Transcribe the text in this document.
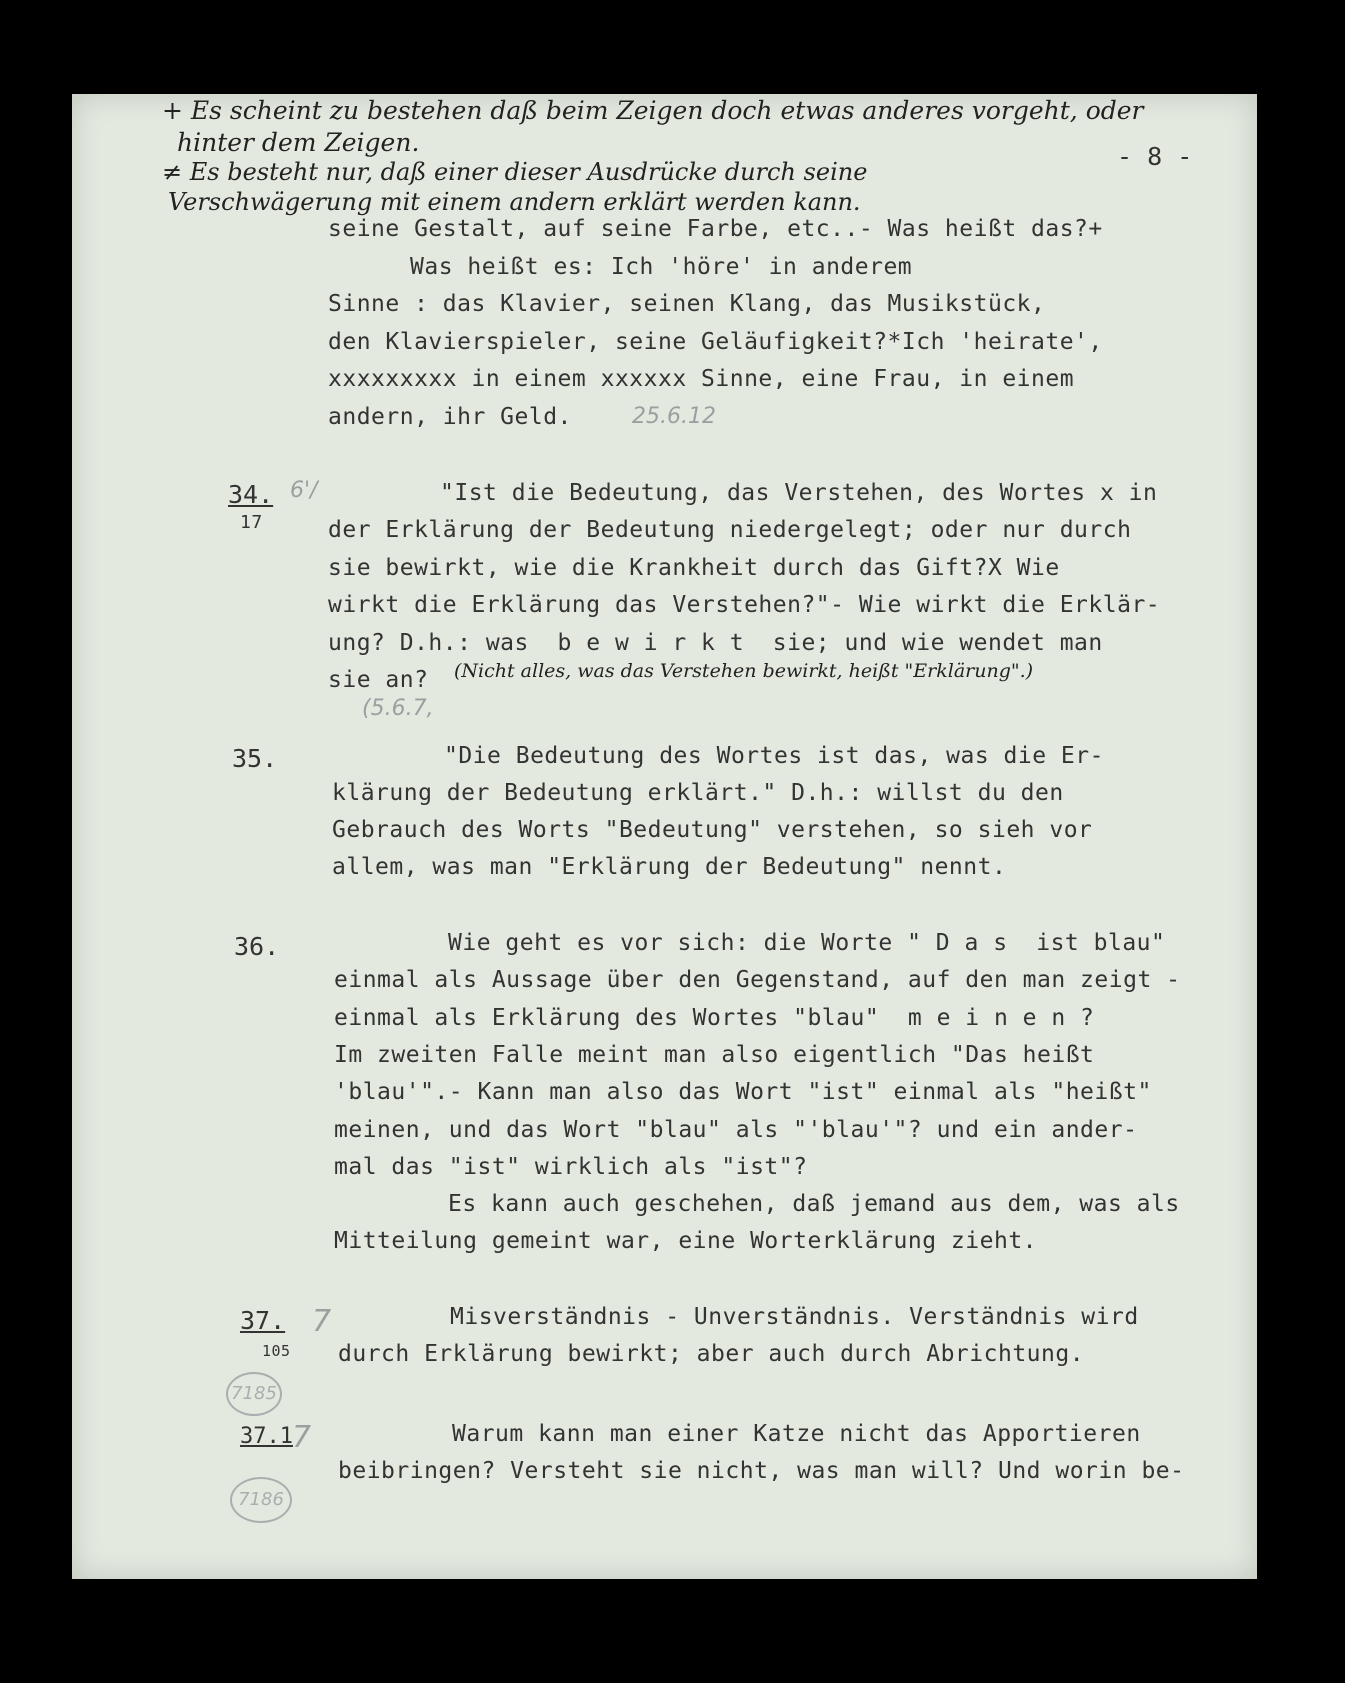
+ Es scheint zu bestehen daß beim Zeigen doch etwas anderes vorgeht, oder
hinter dem Zeigen.
≠ Es besteht nur, daß einer dieser Ausdrücke durch seine
Verschwägerung mit einem andern erklärt werden kann.
- 8 -
seine Gestalt, auf seine Farbe, etc..- Was heißt das?+
Was heißt es: Ich 'höre' in anderem
Sinne : das Klavier, seinen Klang, das Musikstück,
den Klavierspieler, seine Geläufigkeit?*Ich 'heirate',
xxxxxxxxx in einem xxxxxx Sinne, eine Frau, in einem
andern, ihr Geld.	25.6.12
34. 6'/
17
"Ist die Bedeutung, das Verstehen, des Wortes x in
der Erklärung der Bedeutung niedergelegt; oder nur durch
sie bewirkt, wie die Krankheit durch das Gift?X Wie
wirkt die Erklärung das Verstehen?"- Wie wirkt die Erklär-
ung? D.h.: was  b e w i r k t  sie; und wie wendet man
sie an? (Nicht alles, was das Verstehen bewirkt, heißt "Erklärung".)
(5.6.7,
35.	"Die Bedeutung des Wortes ist das, was die Er-
klärung der Bedeutung erklärt." D.h.: willst du den
Gebrauch des Worts "Bedeutung" verstehen, so sieh vor
allem, was man "Erklärung der Bedeutung" nennt.
36.	Wie geht es vor sich: die Worte " D a s  ist blau"
einmal als Aussage über den Gegenstand, auf den man zeigt -
einmal als Erklärung des Wortes "blau"  m e i n e n ?
Im zweiten Falle meint man also eigentlich "Das heißt
'blau'".- Kann man also das Wort "ist" einmal als "heißt"
meinen, und das Wort "blau" als "'blau'"? und ein ander-
mal das "ist" wirklich als "ist"?
Es kann auch geschehen, daß jemand aus dem, was als
Mitteilung gemeint war, eine Worterklärung zieht.
37. 7
105
7185
Misverständnis - Unverständnis. Verständnis wird
durch Erklärung bewirkt; aber auch durch Abrichtung.
37.1 7
7186
Warum kann man einer Katze nicht das Apportieren
beibringen? Versteht sie nicht, was man will? Und worin be-
